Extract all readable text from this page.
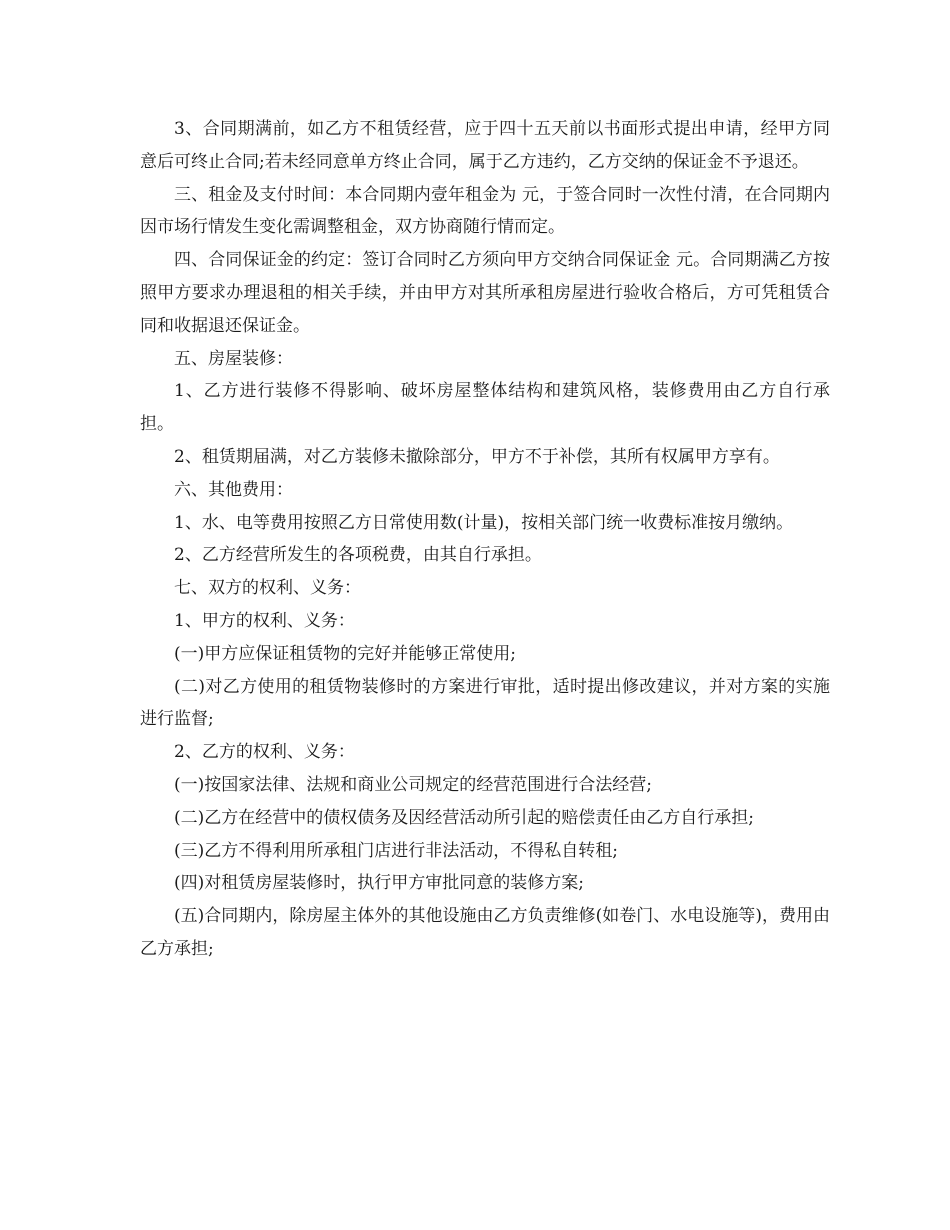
3、合同期满前，如乙方不租赁经营，应于四十五天前以书面形式提出申请，经甲方同意后可终止合同;若未经同意单方终止合同，属于乙方违约，乙方交纳的保证金不予退还。

三、租金及支付时间：本合同期内壹年租金为 元，于签合同时一次性付清，在合同期内因市场行情发生变化需调整租金，双方协商随行情而定。

四、合同保证金的约定：签订合同时乙方须向甲方交纳合同保证金 元。合同期满乙方按照甲方要求办理退租的相关手续，并由甲方对其所承租房屋进行验收合格后，方可凭租赁合同和收据退还保证金。

五、房屋装修：

1、乙方进行装修不得影响、破坏房屋整体结构和建筑风格，装修费用由乙方自行承担。

2、租赁期届满，对乙方装修未撤除部分，甲方不于补偿，其所有权属甲方享有。

六、其他费用：

1、水、电等费用按照乙方日常使用数(计量)，按相关部门统一收费标准按月缴纳。

2、乙方经营所发生的各项税费，由其自行承担。

七、双方的权利、义务：

1、甲方的权利、义务：

(一)甲方应保证租赁物的完好并能够正常使用;

(二)对乙方使用的租赁物装修时的方案进行审批，适时提出修改建议，并对方案的实施进行监督;

2、乙方的权利、义务：

(一)按国家法律、法规和商业公司规定的经营范围进行合法经营;

(二)乙方在经营中的债权债务及因经营活动所引起的赔偿责任由乙方自行承担;

(三)乙方不得利用所承租门店进行非法活动，不得私自转租;

(四)对租赁房屋装修时，执行甲方审批同意的装修方案;

(五)合同期内，除房屋主体外的其他设施由乙方负责维修(如卷门、水电设施等)，费用由乙方承担;
